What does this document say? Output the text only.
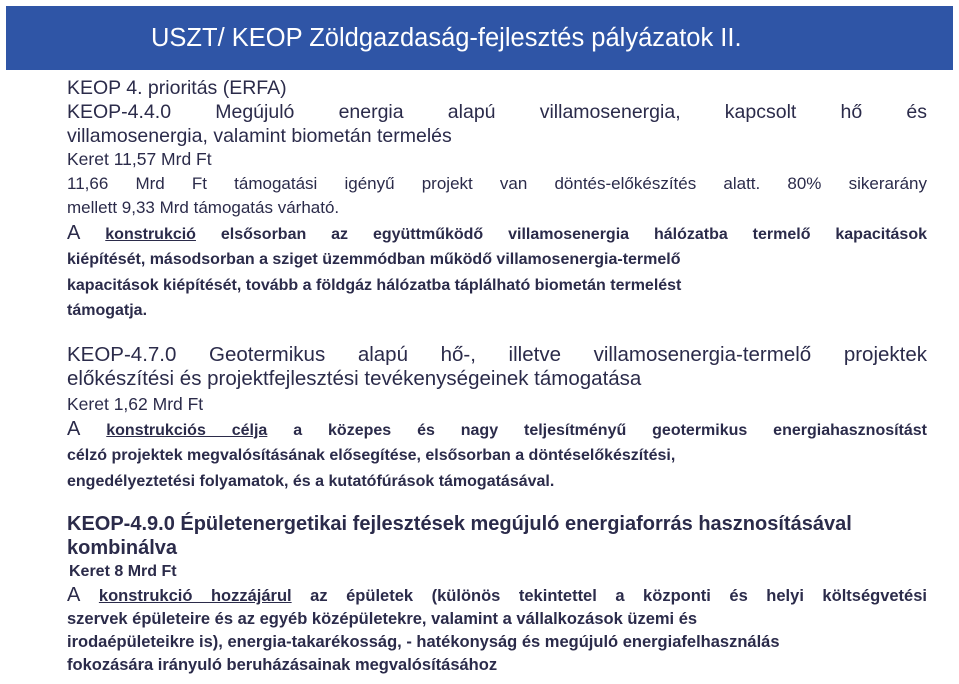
USZT/ KEOP Zöldgazdaság-fejlesztés pályázatok II.
KEOP 4. prioritás (ERFA)
KEOP-4.4.0 Megújuló energia alapú villamosenergia, kapcsolt hő és
villamosenergia, valamint biometán termelés
Keret 11,57 Mrd Ft
11,66 Mrd Ft támogatási igényű projekt van döntés-előkészítés alatt. 80% sikerarány
mellett 9,33 Mrd támogatás várható.
A konstrukció elsősorban az együttműködő villamosenergia hálózatba termelő kapacitások
kiépítését, másodsorban a sziget üzemmódban működő villamosenergia-termelő
kapacitások kiépítését, tovább a földgáz hálózatba táplálható biometán termelést
támogatja.
KEOP-4.7.0 Geotermikus alapú hő-, illetve villamosenergia-termelő projektek
előkészítési és projektfejlesztési tevékenységeinek támogatása
Keret 1,62 Mrd Ft
A konstrukciós célja a közepes és nagy teljesítményű geotermikus energiahasznosítást
célzó projektek megvalósításának elősegítése, elsősorban a döntéselőkészítési,
engedélyeztetési folyamatok, és a kutatófúrások támogatásával.
KEOP-4.9.0 Épületenergetikai fejlesztések megújuló energiaforrás hasznosításával
kombinálva
Keret 8 Mrd Ft
A konstrukció hozzájárul az épületek (különös tekintettel a központi és helyi költségvetési
szervek épületeire és az egyéb középületekre, valamint a vállalkozások üzemi és
irodaépületeikre is), energia-takarékosság, - hatékonyság és megújuló energiafelhasználás
fokozására irányuló beruházásainak megvalósításához
